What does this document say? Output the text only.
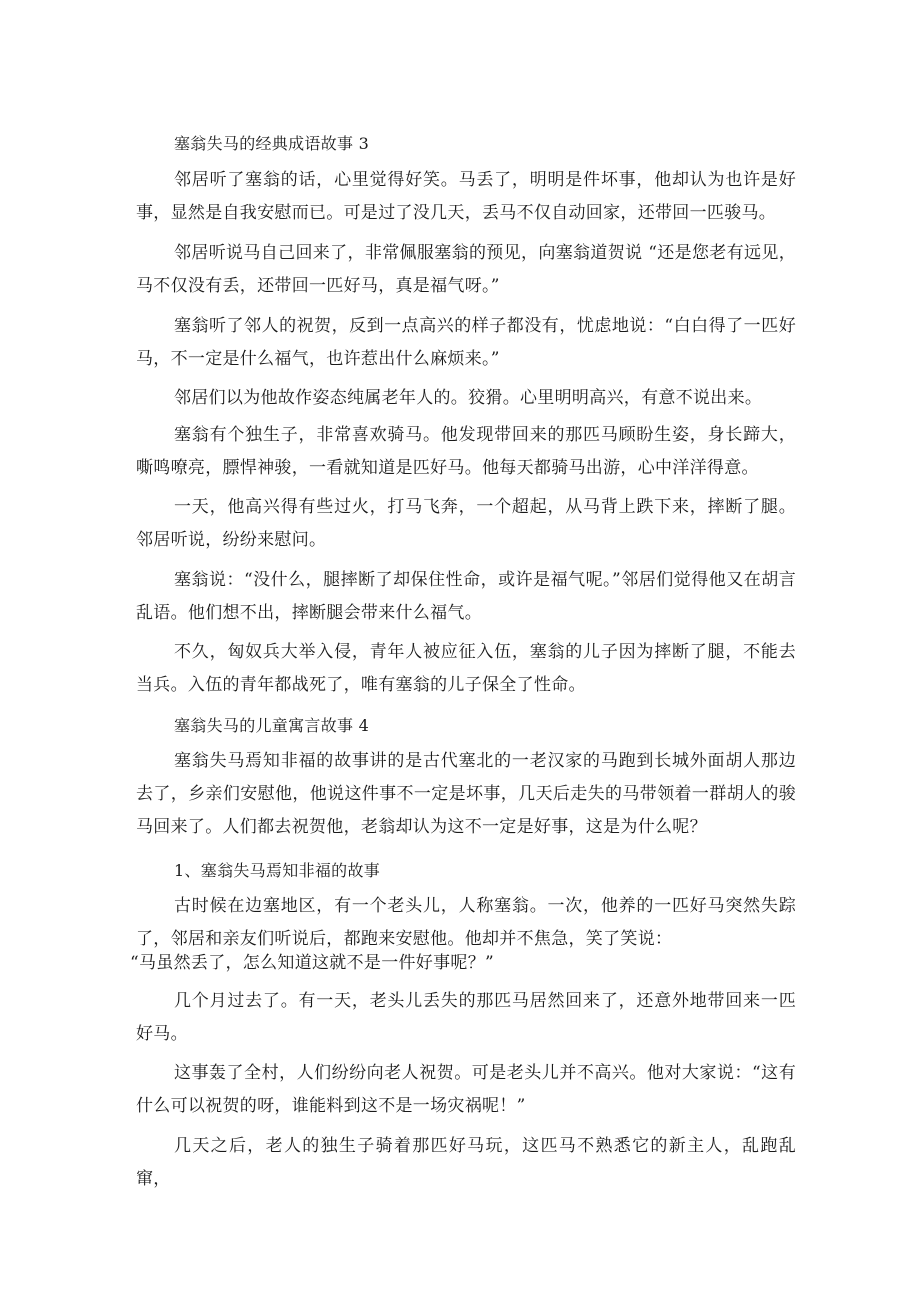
塞翁失马的经典成语故事 3

邻居听了塞翁的话，心里觉得好笑。马丢了，明明是件坏事，他却认为也许是好事，显然是自我安慰而已。可是过了没几天，丢马不仅自动回家，还带回一匹骏马。

邻居听说马自己回来了，非常佩服塞翁的预见，向塞翁道贺说 “还是您老有远见，马不仅没有丢，还带回一匹好马，真是福气呀。”

塞翁听了邻人的祝贺，反到一点高兴的样子都没有，忧虑地说：“白白得了一匹好马，不一定是什么福气，也许惹出什么麻烦来。”

邻居们以为他故作姿态纯属老年人的。狡猾。心里明明高兴，有意不说出来。

塞翁有个独生子，非常喜欢骑马。他发现带回来的那匹马顾盼生姿，身长蹄大，嘶鸣嘹亮，膘悍神骏，一看就知道是匹好马。他每天都骑马出游，心中洋洋得意。

一天，他高兴得有些过火，打马飞奔，一个超起，从马背上跌下来，摔断了腿。邻居听说，纷纷来慰问。

塞翁说：“没什么，腿摔断了却保住性命，或许是福气呢。”邻居们觉得他又在胡言乱语。他们想不出，摔断腿会带来什么福气。

不久，匈奴兵大举入侵，青年人被应征入伍，塞翁的儿子因为摔断了腿，不能去当兵。入伍的青年都战死了，唯有塞翁的儿子保全了性命。

塞翁失马的儿童寓言故事 4

塞翁失马焉知非福的故事讲的是古代塞北的一老汉家的马跑到长城外面胡人那边去了，乡亲们安慰他，他说这件事不一定是坏事，几天后走失的马带领着一群胡人的骏马回来了。人们都去祝贺他，老翁却认为这不一定是好事，这是为什么呢？

1、塞翁失马焉知非福的故事

古时候在边塞地区，有一个老头儿，人称塞翁。一次，他养的一匹好马突然失踪了，邻居和亲友们听说后，都跑来安慰他。他却并不焦急，笑了笑说：

“马虽然丢了，怎么知道这就不是一件好事呢？”

几个月过去了。有一天，老头儿丢失的那匹马居然回来了，还意外地带回来一匹好马。

这事轰了全村，人们纷纷向老人祝贺。可是老头儿并不高兴。他对大家说：“这有什么可以祝贺的呀，谁能料到这不是一场灾祸呢！”

几天之后，老人的独生子骑着那匹好马玩，这匹马不熟悉它的新主人，乱跑乱窜，
